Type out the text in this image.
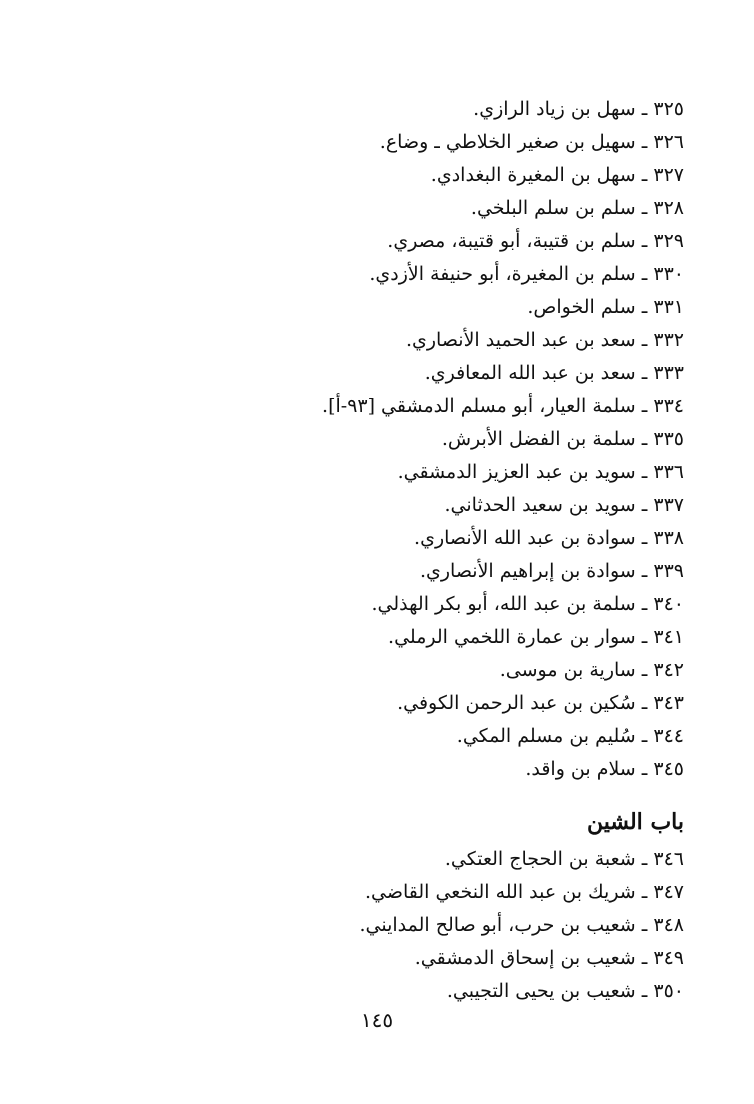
٣٢٥ ـ سهل بن زياد الرازي.
٣٢٦ ـ سهيل بن صغير الخلاطي ـ وضاع.
٣٢٧ ـ سهل بن المغيرة البغدادي.
٣٢٨ ـ سلم بن سلم البلخي.
٣٢٩ ـ سلم بن قتيبة، أبو قتيبة، مصري.
٣٣٠ ـ سلم بن المغيرة، أبو حنيفة الأزدي.
٣٣١ ـ سلم الخواص.
٣٣٢ ـ سعد بن عبد الحميد الأنصاري.
٣٣٣ ـ سعد بن عبد الله المعافري.
٣٣٤ ـ سلمة العيار، أبو مسلم الدمشقي [٩٣-أ].
٣٣٥ ـ سلمة بن الفضل الأبرش.
٣٣٦ ـ سويد بن عبد العزيز الدمشقي.
٣٣٧ ـ سويد بن سعيد الحدثاني.
٣٣٨ ـ سوادة بن عبد الله الأنصاري.
٣٣٩ ـ سوادة بن إبراهيم الأنصاري.
٣٤٠ ـ سلمة بن عبد الله، أبو بكر الهذلي.
٣٤١ ـ سوار بن عمارة اللخمي الرملي.
٣٤٢ ـ سارية بن موسى.
٣٤٣ ـ سُكين بن عبد الرحمن الكوفي.
٣٤٤ ـ سُليم بن مسلم المكي.
٣٤٥ ـ سلام بن واقد.
باب الشين
٣٤٦ ـ شعبة بن الحجاج العتكي.
٣٤٧ ـ شريك بن عبد الله النخعي القاضي.
٣٤٨ ـ شعيب بن حرب، أبو صالح المدايني.
٣٤٩ ـ شعيب بن إسحاق الدمشقي.
٣٥٠ ـ شعيب بن يحيى التجيبي.
١٤٥
